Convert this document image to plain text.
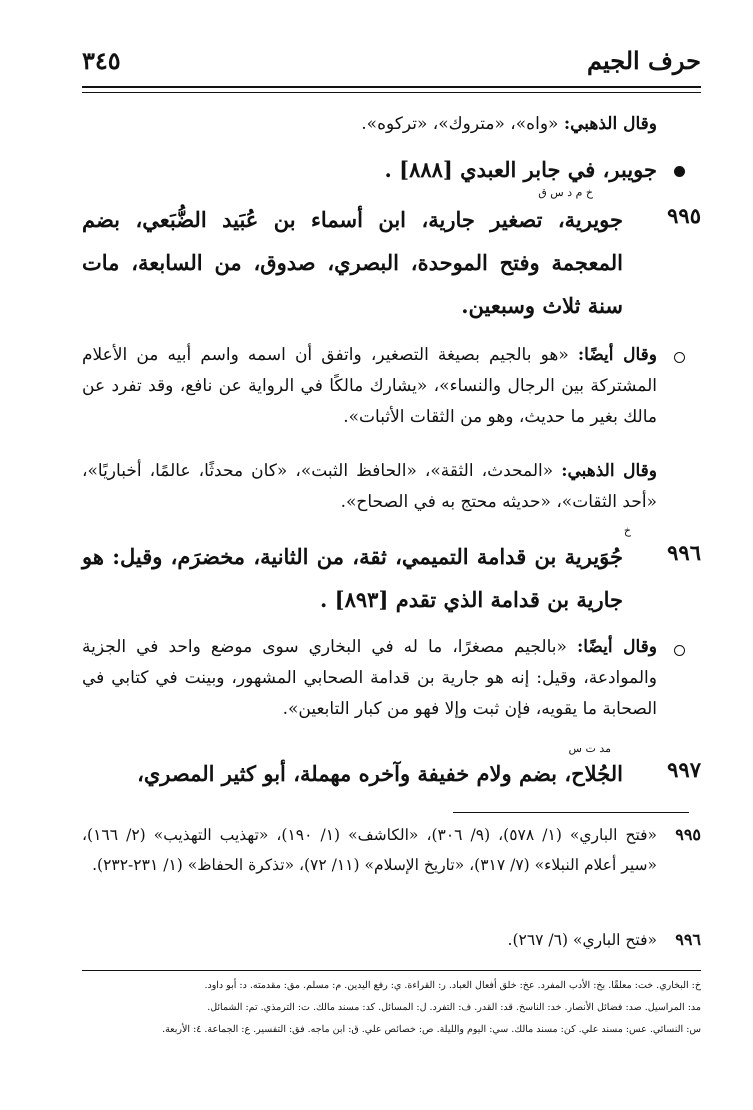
حرف الجيم
٣٤٥
وقال الذهبي: «واه»، «متروك»، «تركوه».
جويبر، في جابر العبدي [٨٨٨] .
خ م د س ق
٩٩٥
جويرية، تصغير جارية، ابن أسماء بن عُبَيد الضُّبَعي، بضم المعجمة وفتح الموحدة، البصري، صدوق، من السابعة، مات سنة ثلاث وسبعين.
وقال أيضًا: «هو بالجيم بصيغة التصغير، واتفق أن اسمه واسم أبيه من الأعلام المشتركة بين الرجال والنساء»، «يشارك مالكًا في الرواية عن نافع، وقد تفرد عن مالك بغير ما حديث، وهو من الثقات الأثبات».
وقال الذهبي: «المحدث، الثقة»، «الحافظ الثبت»، «كان محدثًا، عالمًا، أخباريًا»، «أحد الثقات»، «حديثه محتج به في الصحاح».
خ
٩٩٦
جُوَيرية بن قدامة التميمي، ثقة، من الثانية، مخضرَم، وقيل: هو جارية بن قدامة الذي تقدم [٨٩٣] .
وقال أيضًا: «بالجيم مصغرًا، ما له في البخاري سوى موضع واحد في الجزية والموادعة، وقيل: إنه هو جارية بن قدامة الصحابي المشهور، وبينت في كتابي في الصحابة ما يقويه، فإن ثبت وإلا فهو من كبار التابعين».
مد ت س
٩٩٧
الجُلاح، بضم ولام خفيفة وآخره مهملة، أبو كثير المصري،
٩٩٥
«فتح الباري» (١/ ٥٧٨)، (٩/ ٣٠٦)، «الكاشف» (١/ ١٩٠)، «تهذيب التهذيب» (٢/ ١٦٦)، «سير أعلام النبلاء» (٧/ ٣١٧)، «تاريخ الإسلام» (١١/ ٧٢)، «تذكرة الحفاظ» (١/ ٢٣١-٢٣٢).
٩٩٦
«فتح الباري» (٦/ ٢٦٧).
خ: البخاري. خت: معلقًا. بخ: الأدب المفرد. عخ: خلق أفعال العباد. ر: القراءة. ي: رفع اليدين. م: مسلم. مق: مقدمته. د: أبو داود.
مد: المراسيل. صد: فضائل الأنصار. خد: الناسخ. قد: القدر. ف: التفرد. ل: المسائل. كد: مسند مالك. ت: الترمذي. تم: الشمائل.
س: النسائي. عس: مسند علي. كن: مسند مالك. سي: اليوم والليلة. ص: خصائص علي. ق: ابن ماجه. فق: التفسير. ع: الجماعة. ٤: الأربعة.
